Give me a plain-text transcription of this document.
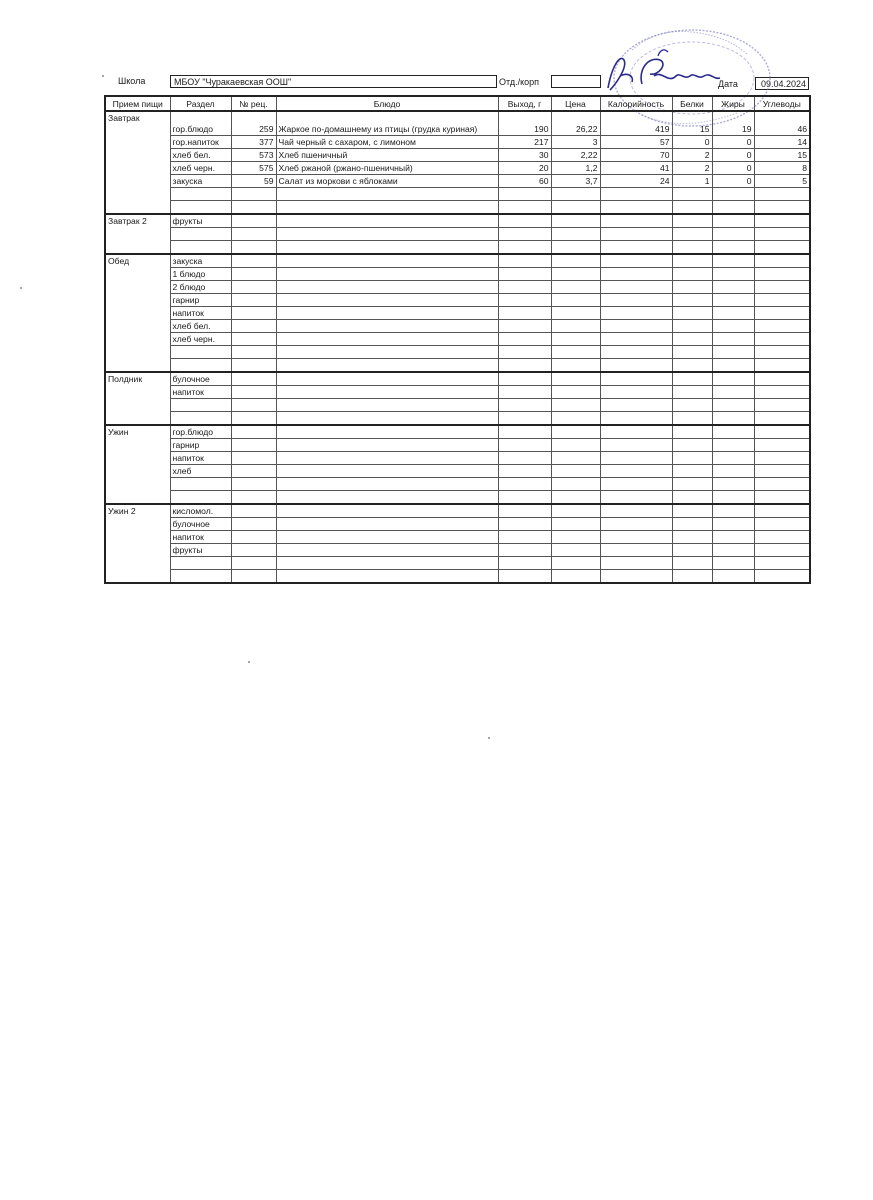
Школа	МБОУ "Чуракаевская ООШ"	Отд./корп	Дата	09.04.2024
Прием пищи	Раздел	№ рец.	Блюдо	Выход, г	Цена	Калорийность	Белки	Жиры	Углеводы
Завтрак	гор.блюдо	259	Жаркое по-домашнему из птицы (грудка куриная)	190	26,22	419	15	19	46
	гор.напиток	377	Чай черный с сахаром, с лимоном	217	3	57	0	0	14
	хлеб бел.	573	Хлеб пшеничный	30	2,22	70	2	0	15
	хлеб черн.	575	Хлеб ржаной (ржано-пшеничный)	20	1,2	41	2	0	8
	закуска	59	Салат из моркови с яблоками	60	3,7	24	1	0	5

Завтрак 2	фрукты								

Обед	закуска								
	1 блюдо								
	2 блюдо								
	гарнир								
	напиток								
	хлеб бел.								
	хлеб черн.								

Полдник	булочное								
	напиток								

Ужин	гор.блюдо								
	гарнир								
	напиток								
	хлеб								

Ужин 2	кисломол.								
	булочное								
	напиток								
	фрукты								
